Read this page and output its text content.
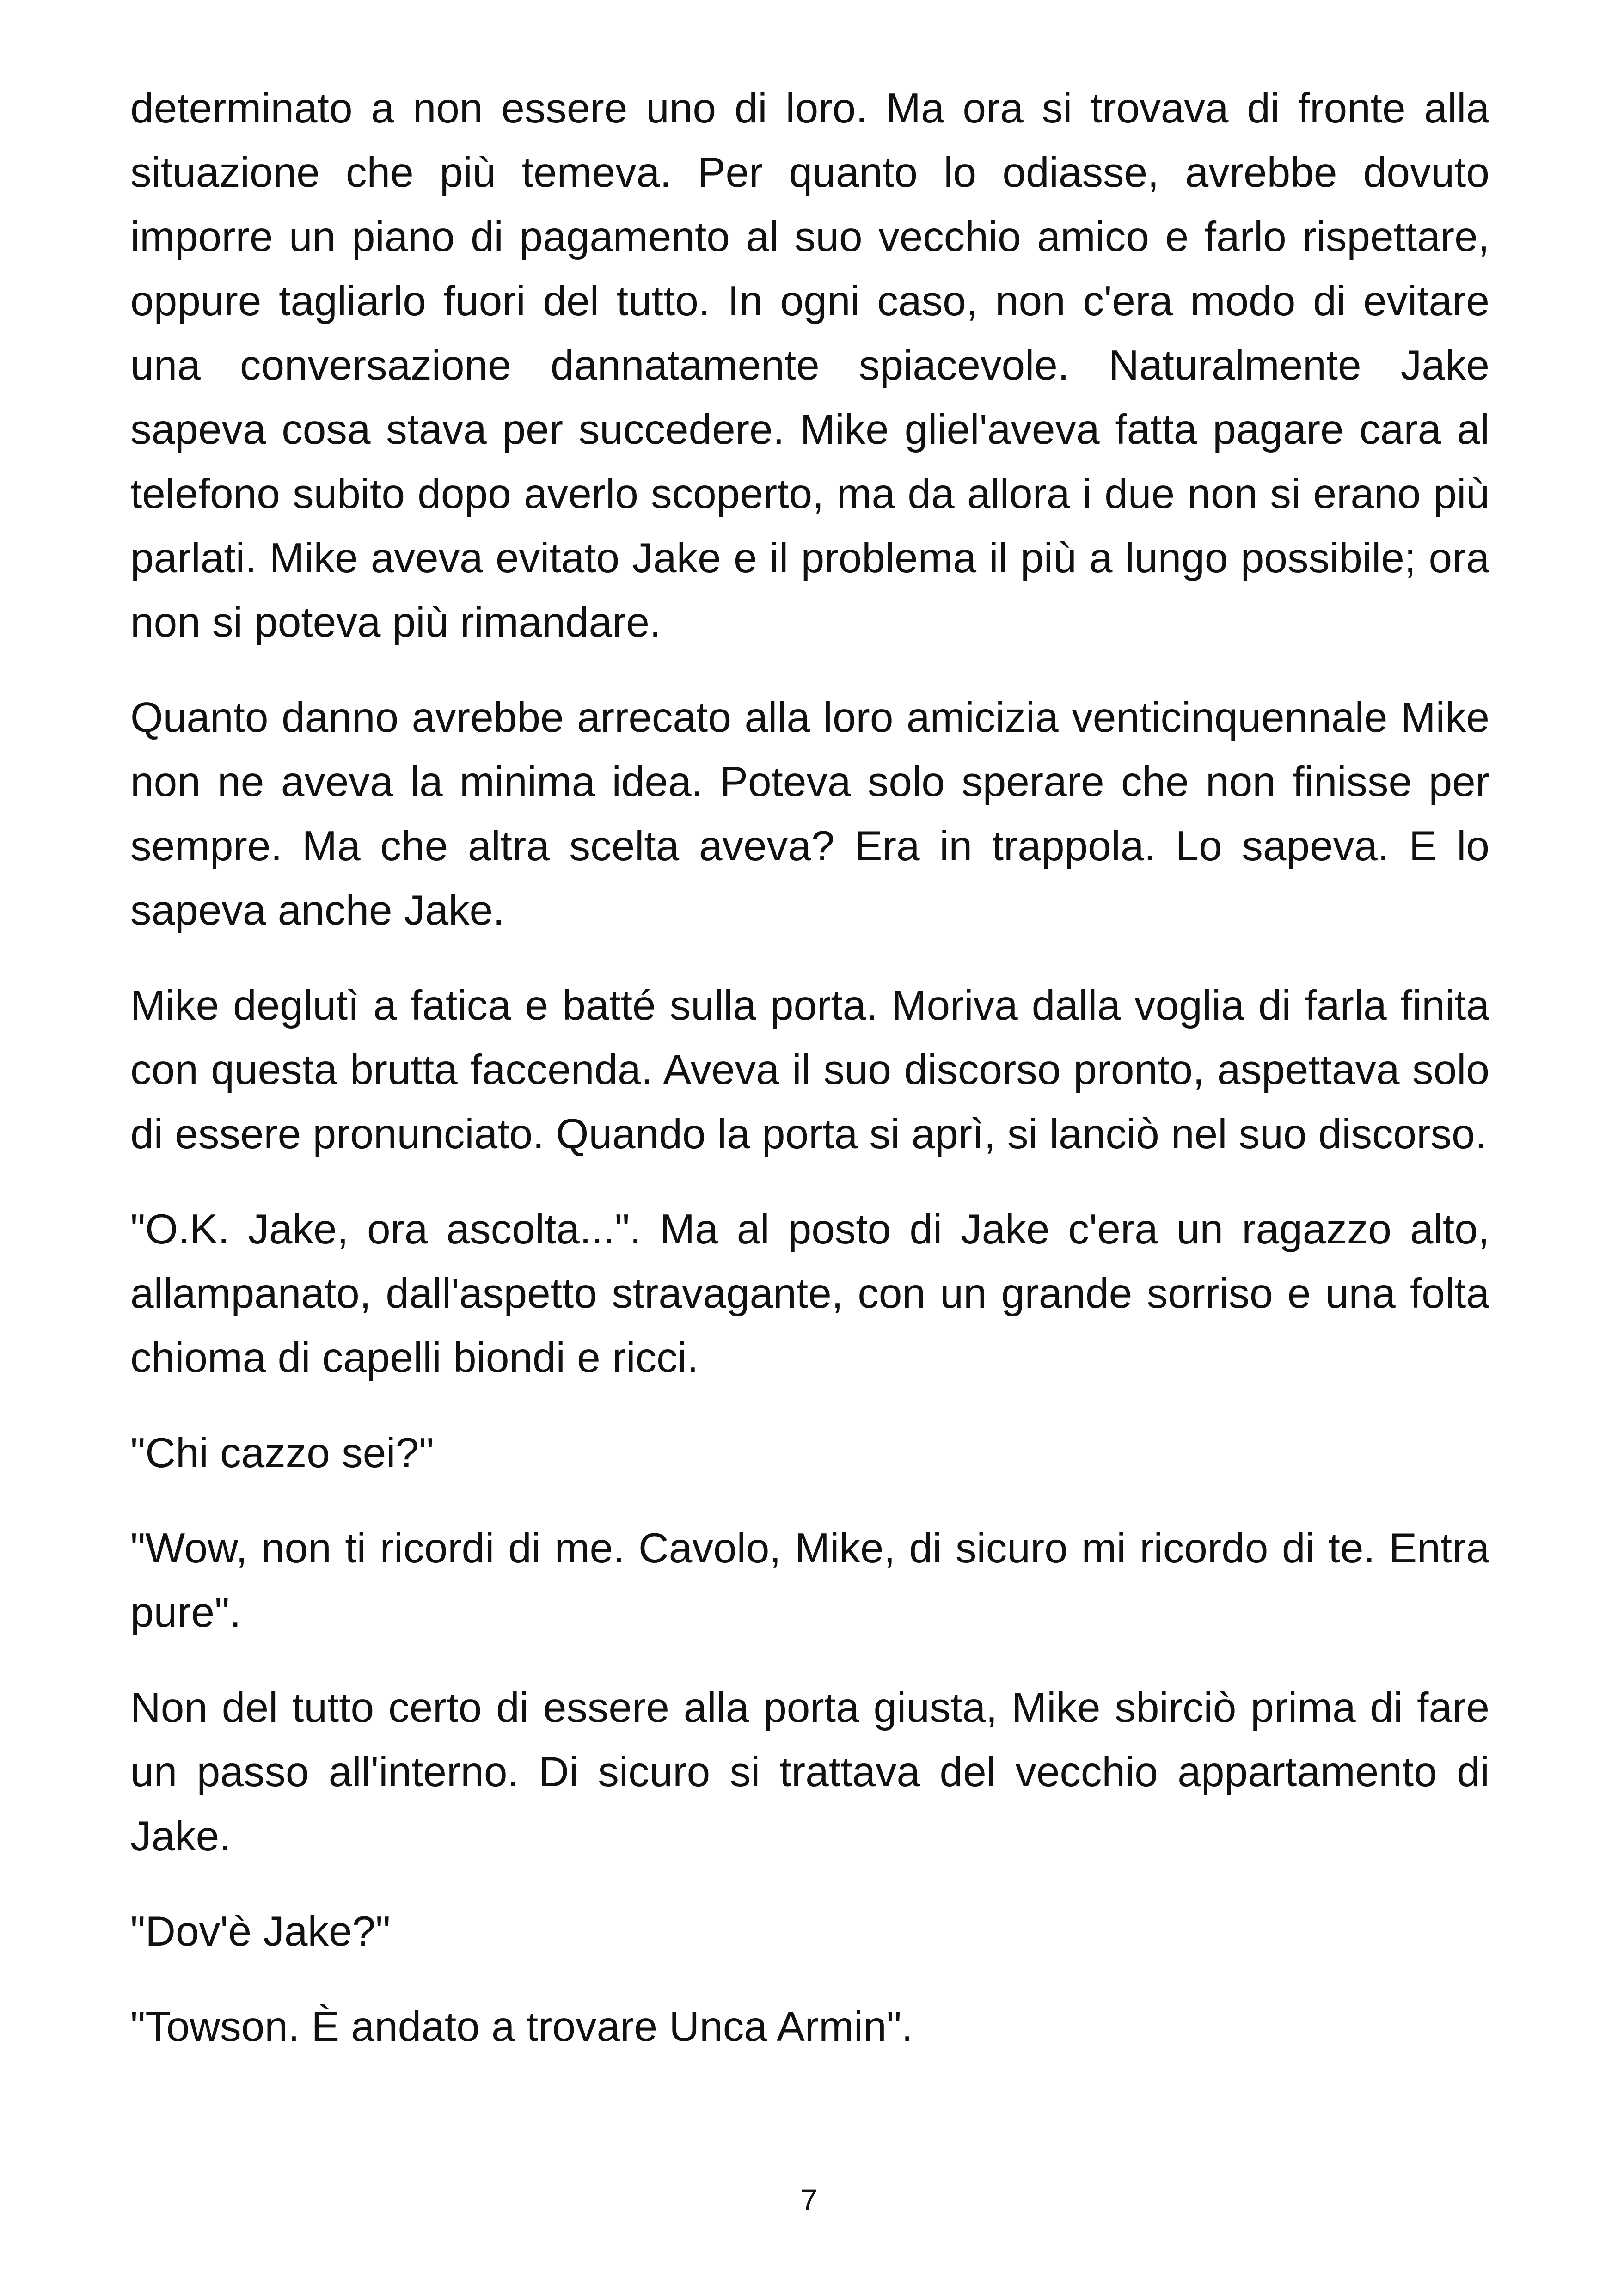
determinato a non essere uno di loro. Ma ora si trovava di fronte alla situazione che più temeva. Per quanto lo odiasse, avrebbe dovuto imporre un piano di pagamento al suo vecchio amico e farlo rispettare, oppure tagliarlo fuori del tutto. In ogni caso, non c'era modo di evitare una conversazione dannatamente spiacevole. Naturalmente Jake sapeva cosa stava per succedere. Mike gliel'aveva fatta pagare cara al telefono subito dopo averlo scoperto, ma da allora i due non si erano più parlati. Mike aveva evitato Jake e il problema il più a lungo possibile; ora non si poteva più rimandare.

Quanto danno avrebbe arrecato alla loro amicizia venticinquennale Mike non ne aveva la minima idea. Poteva solo sperare che non finisse per sempre. Ma che altra scelta aveva? Era in trappola. Lo sapeva. E lo sapeva anche Jake.

Mike deglutì a fatica e batté sulla porta. Moriva dalla voglia di farla finita con questa brutta faccenda. Aveva il suo discorso pronto, aspettava solo di essere pronunciato. Quando la porta si aprì, si lanciò nel suo discorso.

"O.K. Jake, ora ascolta...". Ma al posto di Jake c'era un ragazzo alto, allampanato, dall'aspetto stravagante, con un grande sorriso e una folta chioma di capelli biondi e ricci.

"Chi cazzo sei?"

"Wow, non ti ricordi di me. Cavolo, Mike, di sicuro mi ricordo di te. Entra pure".

Non del tutto certo di essere alla porta giusta, Mike sbirciò prima di fare un passo all'interno. Di sicuro si trattava del vecchio appartamento di Jake.

"Dov'è Jake?"

"Towson. È andato a trovare Unca Armin".

7
